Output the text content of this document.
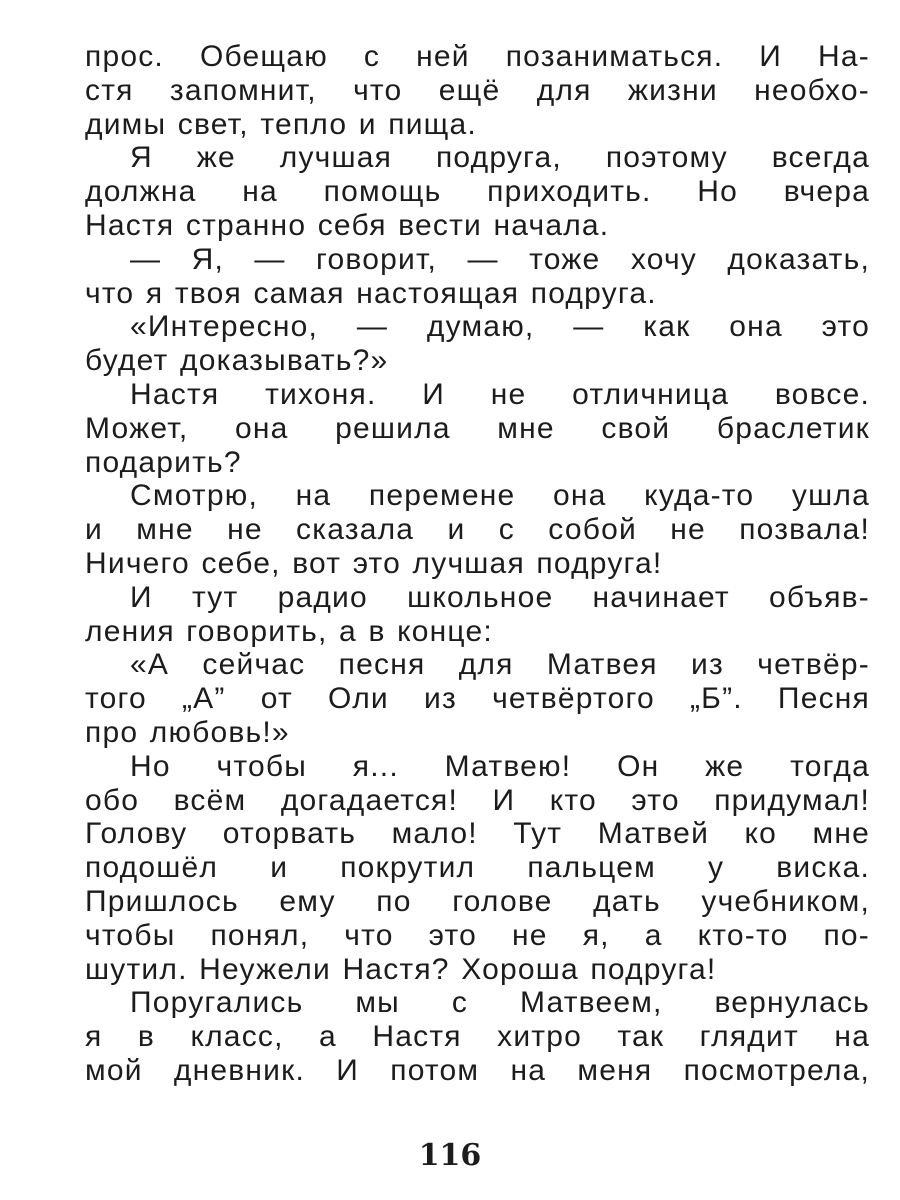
прос. Обещаю с ней позаниматься. И На-
стя запомнит, что ещё для жизни необхо-
димы свет, тепло и пища.
Я же лучшая подруга, поэтому всегда
должна на помощь приходить. Но вчера
Настя странно себя вести начала.
— Я, — говорит, — тоже хочу доказать,
что я твоя самая настоящая подруга.
«Интересно, — думаю, — как она это
будет доказывать?»
Настя тихоня. И не отличница вовсе.
Может, она решила мне свой браслетик
подарить?
Смотрю, на перемене она куда-то ушла
и мне не сказала и с собой не позвала!
Ничего себе, вот это лучшая подруга!
И тут радио школьное начинает объяв-
ления говорить, а в конце:
«А сейчас песня для Матвея из четвёр-
того „А” от Оли из четвёртого „Б”. Песня
про любовь!»
Но чтобы я... Матвею! Он же тогда
обо всём догадается! И кто это придумал!
Голову оторвать мало! Тут Матвей ко мне
подошёл и покрутил пальцем у виска.
Пришлось ему по голове дать учебником,
чтобы понял, что это не я, а кто-то по-
шутил. Неужели Настя? Хороша подруга!
Поругались мы с Матвеем, вернулась
я в класс, а Настя хитро так глядит на
мой дневник. И потом на меня посмотрела,
116
